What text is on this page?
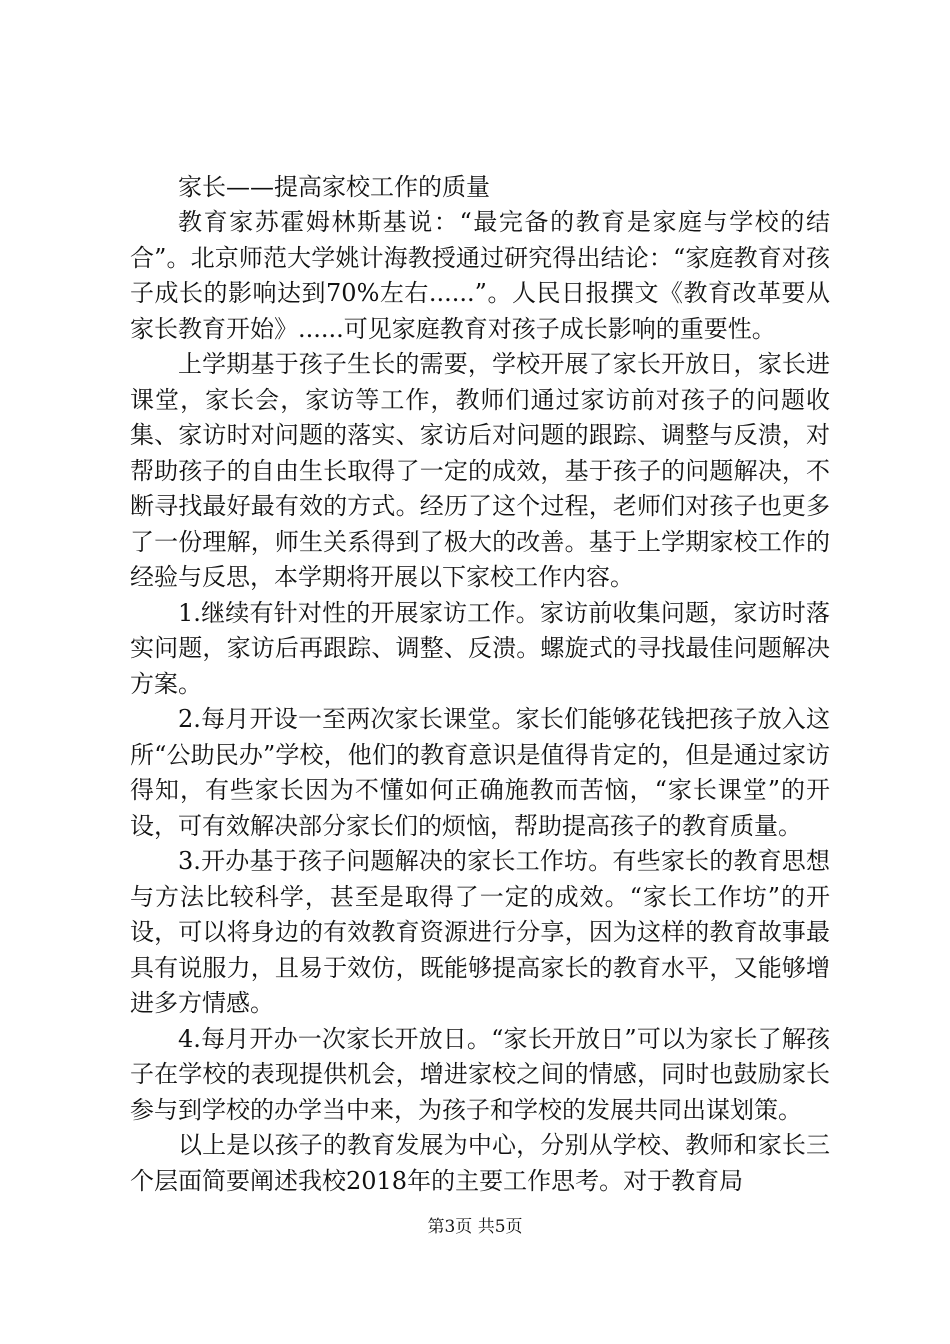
家长——提高家校工作的质量

教育家苏霍姆林斯基说：“最完备的教育是家庭与学校的结合”。北京师范大学姚计海教授通过研究得出结论：“家庭教育对孩子成长的影响达到70%左右......”。人民日报撰文《教育改革要从家长教育开始》......可见家庭教育对孩子成长影响的重要性。

上学期基于孩子生长的需要，学校开展了家长开放日，家长进课堂，家长会，家访等工作，教师们通过家访前对孩子的问题收集、家访时对问题的落实、家访后对问题的跟踪、调整与反溃，对帮助孩子的自由生长取得了一定的成效，基于孩子的问题解决，不断寻找最好最有效的方式。经历了这个过程，老师们对孩子也更多了一份理解，师生关系得到了极大的改善。基于上学期家校工作的经验与反思，本学期将开展以下家校工作内容。

1.继续有针对性的开展家访工作。家访前收集问题，家访时落实问题，家访后再跟踪、调整、反溃。螺旋式的寻找最佳问题解决方案。

2.每月开设一至两次家长课堂。家长们能够花钱把孩子放入这所“公助民办”学校，他们的教育意识是值得肯定的，但是通过家访得知，有些家长因为不懂如何正确施教而苦恼，“家长课堂”的开设，可有效解决部分家长们的烦恼，帮助提高孩子的教育质量。

3.开办基于孩子问题解决的家长工作坊。有些家长的教育思想与方法比较科学，甚至是取得了一定的成效。“家长工作坊”的开设，可以将身边的有效教育资源进行分享，因为这样的教育故事最具有说服力，且易于效仿，既能够提高家长的教育水平，又能够增进多方情感。

4.每月开办一次家长开放日。“家长开放日”可以为家长了解孩子在学校的表现提供机会，增进家校之间的情感，同时也鼓励家长参与到学校的办学当中来，为孩子和学校的发展共同出谋划策。

以上是以孩子的教育发展为中心，分别从学校、教师和家长三个层面简要阐述我校2018年的主要工作思考。对于教育局

第3页 共5页
